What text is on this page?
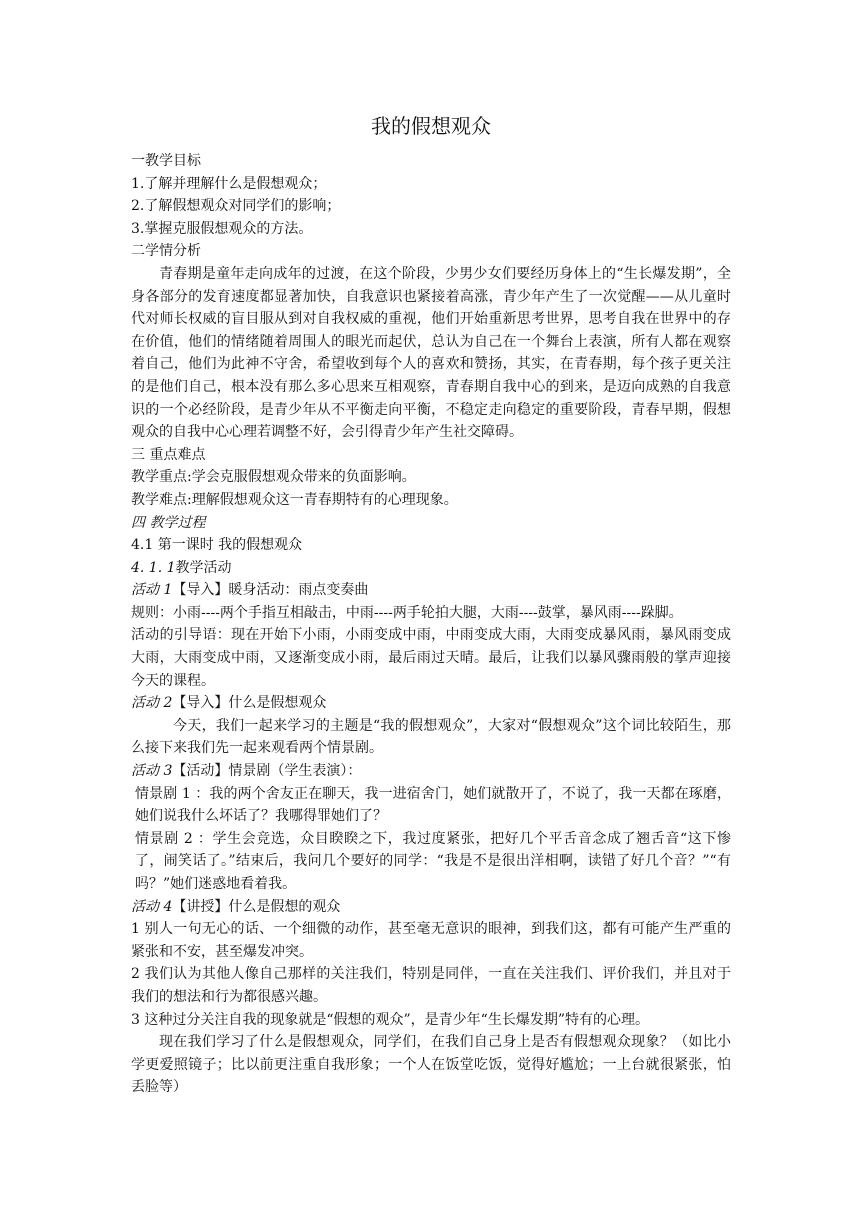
我的假想观众
一教学目标
1.了解并理解什么是假想观众；
2.了解假想观众对同学们的影响；
3.掌握克服假想观众的方法。
二学情分析

青春期是童年走向成年的过渡，在这个阶段，少男少女们要经历身体上的“生长爆发期”，全身各部分的发育速度都显著加快，自我意识也紧接着高涨，青少年产生了一次觉醒——从儿童时代对师长权威的盲目服从到对自我权威的重视，他们开始重新思考世界，思考自我在世界中的存在价值，他们的情绪随着周围人的眼光而起伏，总认为自己在一个舞台上表演，所有人都在观察着自己，他们为此神不守舍，希望收到每个人的喜欢和赞扬，其实，在青春期，每个孩子更关注的是他们自己，根本没有那么多心思来互相观察，青春期自我中心的到来，是迈向成熟的自我意识的一个必经阶段，是青少年从不平衡走向平衡，不稳定走向稳定的重要阶段，青春早期，假想观众的自我中心心理若调整不好，会引得青少年产生社交障碍。

三 重点难点
教学重点:学会克服假想观众带来的负面影响。
教学难点:理解假想观众这一青春期特有的心理现象。
四 教学过程
4.1 第一课时 我的假想观众
4. 1. 1教学活动
活动 1【导入】暖身活动：雨点变奏曲
规则：小雨----两个手指互相敲击，中雨----两手轮拍大腿，大雨----鼓掌，暴风雨----跺脚。

活动的引导语：现在开始下小雨，小雨变成中雨，中雨变成大雨，大雨变成暴风雨，暴风雨变成大雨，大雨变成中雨，又逐渐变成小雨，最后雨过天晴。最后，让我们以暴风骤雨般的掌声迎接今天的课程。

活动 2【导入】什么是假想观众

今天，我们一起来学习的主题是“我的假想观众”，大家对“假想观众”这个词比较陌生，那么接下来我们先一起来观看两个情景剧。

活动 3【活动】情景剧（学生表演）：

情景剧 1 ：我的两个舍友正在聊天，我一进宿舍门，她们就散开了，不说了，我一天都在琢磨，她们说我什么坏话了？我哪得罪她们了？

情景剧 2 ：学生会竞选，众目睽睽之下，我过度紧张，把好几个平舌音念成了翘舌音“这下惨了，闹笑话了。”结束后，我问几个要好的同学：“我是不是很出洋相啊，读错了好几个音？”“有吗？”她们迷惑地看着我。

活动 4【讲授】什么是假想的观众

1 别人一句无心的话、一个细微的动作，甚至毫无意识的眼神，到我们这，都有可能产生严重的紧张和不安，甚至爆发冲突。

2 我们认为其他人像自己那样的关注我们，特别是同伴，一直在关注我们、评价我们，并且对于我们的想法和行为都很感兴趣。

3 这种过分关注自我的现象就是“假想的观众”，是青少年“生长爆发期”特有的心理。

现在我们学习了什么是假想观众，同学们，在我们自己身上是否有假想观众现象？（如比小学更爱照镜子；比以前更注重自我形象；一个人在饭堂吃饭，觉得好尴尬；一上台就很紧张，怕丢脸等）
